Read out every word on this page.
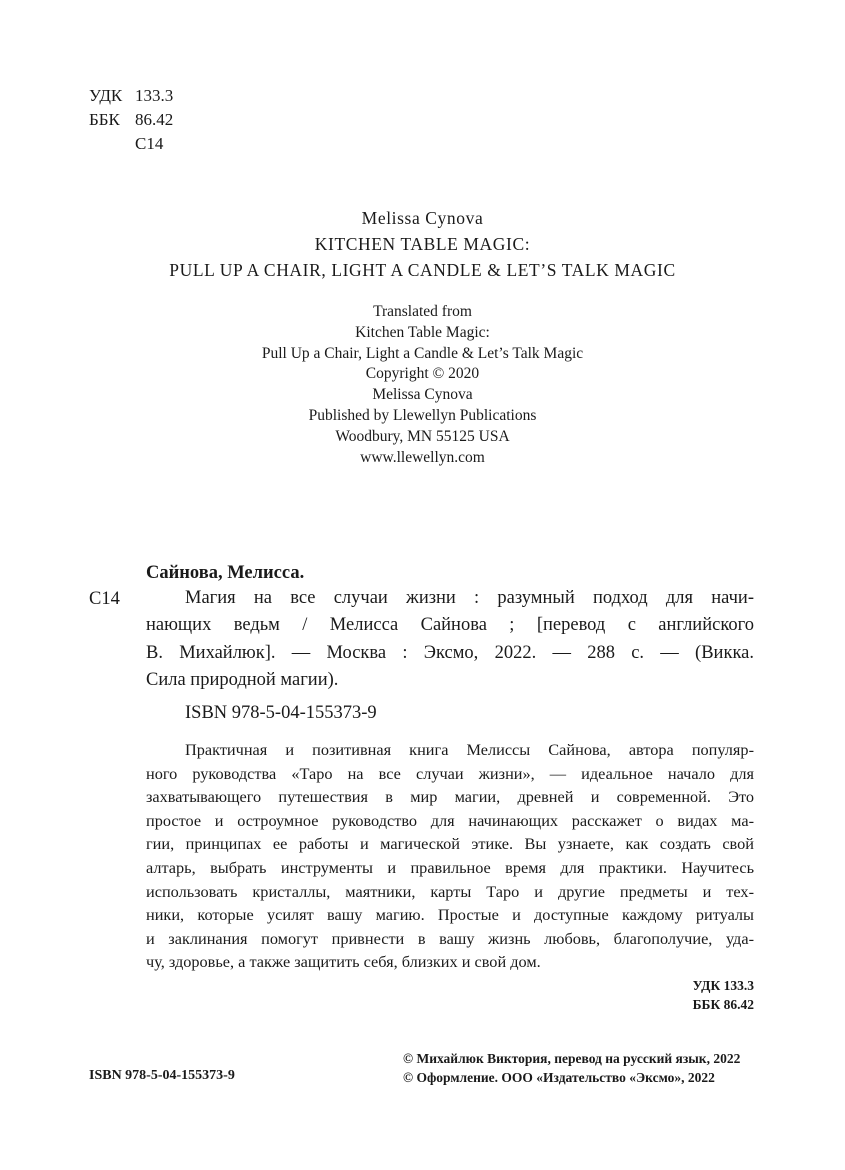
УДК 133.3
ББК 86.42
С14
Melissa Cynova
KITCHEN TABLE MAGIC:
PULL UP A CHAIR, LIGHT A CANDLE & LET’S TALK MAGIC
Translated from
Kitchen Table Magic:
Pull Up a Chair, Light a Candle & Let’s Talk Magic
Copyright © 2020
Melissa Cynova
Published by Llewellyn Publications
Woodbury, MN 55125 USA
www.llewellyn.com
Сайнова, Мелисса.
С14	Магия на все случаи жизни : разумный подход для начи-
нающих ведьм / Мелисса Сайнова ; [перевод с английского
В. Михайлюк]. — Москва : Эксмо, 2022. — 288 с. — (Викка.
Сила природной магии).
ISBN 978-5-04-155373-9
Практичная и позитивная книга Мелиссы Сайнова, автора популяр-
ного руководства «Таро на все случаи жизни», — идеальное начало для
захватывающего путешествия в мир магии, древней и современной. Это
простое и остроумное руководство для начинающих расскажет о видах ма-
гии, принципах ее работы и магической этике. Вы узнаете, как создать свой
алтарь, выбрать инструменты и правильное время для практики. Научитесь
использовать кристаллы, маятники, карты Таро и другие предметы и тех-
ники, которые усилят вашу магию. Простые и доступные каждому ритуалы
и заклинания помогут привнести в вашу жизнь любовь, благополучие, уда-
чу, здоровье, а также защитить себя, близких и свой дом.
УДК 133.3
ББК 86.42
ISBN 978-5-04-155373-9
© Михайлюк Виктория, перевод на русский язык, 2022
© Оформление. ООО «Издательство «Эксмо», 2022
